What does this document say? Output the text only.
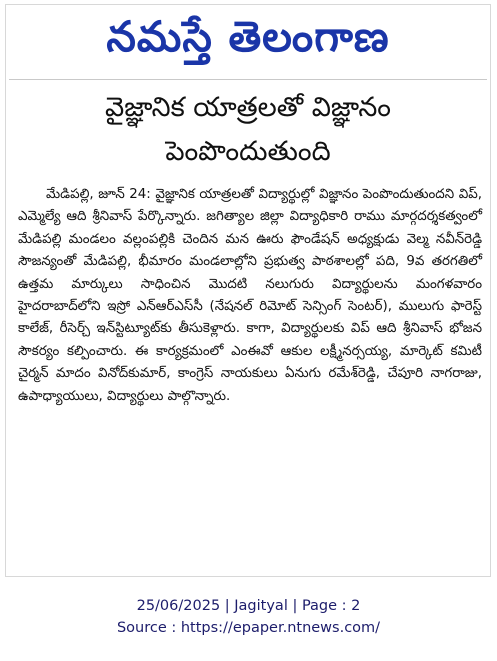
నమస్తే తెలంగాణ
వైజ్ఞానిక యాత్రలతో విజ్ఞానం
పెంపొందుతుంది
మేడిపల్లి, జూన్ 24: వైజ్ఞానిక యాత్రలతో విద్యార్థుల్లో విజ్ఞానం పెంపొందుతుందని విప్, ఎమ్మెల్యే ఆది శ్రీనివాస్ పేర్కొన్నారు. జగిత్యాల జిల్లా విద్యాధికారి రాము మార్గదర్శకత్వంలో మేడిపల్లి మండలం వల్లంపల్లికి చెందిన మన ఊరు ఫౌండేషన్ అధ్యక్షుడు వెల్మ నవీన్‌రెడ్డి సౌజన్యంతో మేడిపల్లి, భీమారం మండలాల్లోని ప్రభుత్వ పాఠశాలల్లో పది, 9వ తరగతిలో ఉత్తమ మార్కులు సాధించిన మొదటి నలుగురు విద్యార్థులను మంగళవారం హైదరాబాద్‌లోని ఇస్రో ఎన్‌ఆర్‌ఎస్‌సీ (నేషనల్ రిమోట్ సెన్సింగ్ సెంటర్), ములుగు ఫారెస్ట్ కాలేజ్, రీసెర్చ్ ఇన్‌స్టిట్యూట్‌కు తీసుకెళ్లారు. కాగా, విద్యార్థులకు విప్ ఆది శ్రీనివాస్ భోజన సౌకర్యం కల్పించారు. ఈ కార్యక్రమంలో ఎంఈవో ఆకుల లక్ష్మీనర్సయ్య, మార్కెట్ కమిటీ చైర్మన్ మాదం వినోద్‌కుమార్, కాంగ్రెస్ నాయకులు ఏనుగు రమేశ్‌రెడ్డి, చేపూరి నాగరాజు, ఉపాధ్యాయులు, విద్యార్థులు పాల్గొన్నారు.
25/06/2025 | Jagityal | Page : 2
Source : https://epaper.ntnews.com/
